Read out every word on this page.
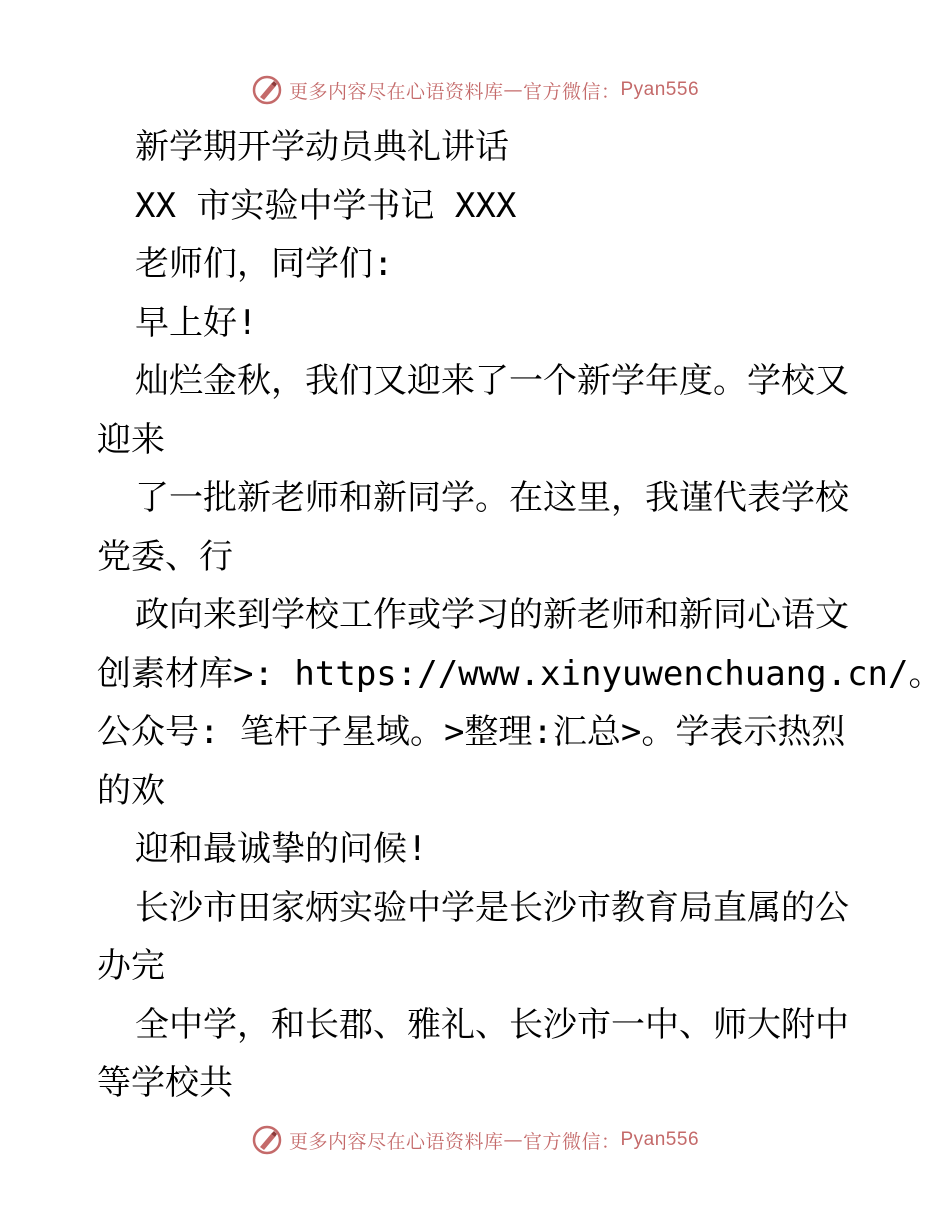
更多内容尽在心语资料库 — 官方微信： Pyan556
新学期开学动员典礼讲话
XX 市实验中学书记 XXX
老师们，同学们:
早上好!
灿烂金秋，我们又迎来了一个新学年度。学校又
迎来
了一批新老师和新同学。在这里，我谨代表学校
党委、行
政向来到学校工作或学习的新老师和新同心语文
创素材库>: https://www.xinyuwenchuang.cn/。
公众号: 笔杆子星域。>整理:汇总>。学表示热烈
的欢
迎和最诚挚的问候!
长沙市田家炳实验中学是长沙市教育局直属的公
办完
全中学，和长郡、雅礼、长沙市一中、师大附中
等学校共
更多内容尽在心语资料库 — 官方微信： Pyan556
